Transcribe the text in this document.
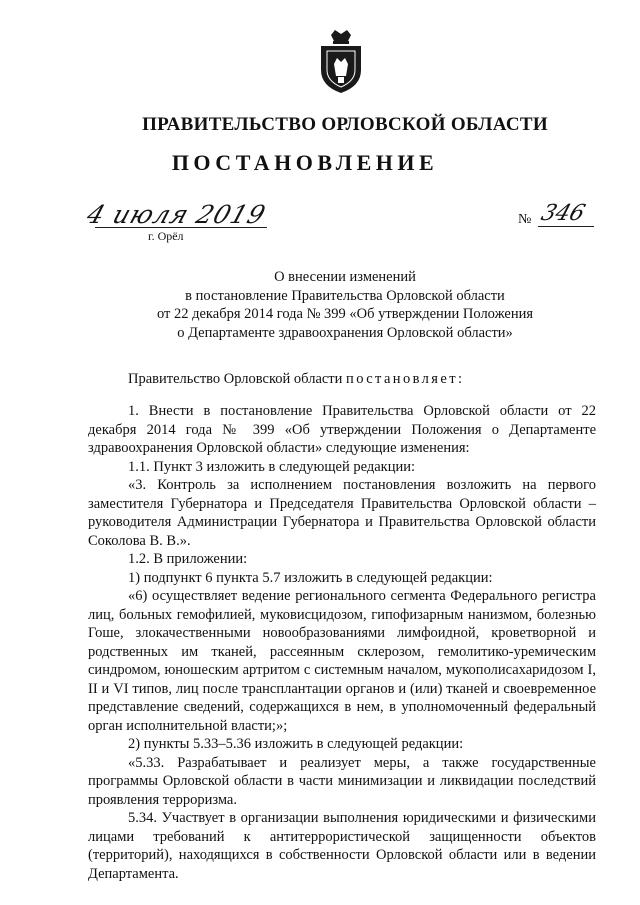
ПРАВИТЕЛЬСТВО ОРЛОВСКОЙ ОБЛАСТИ
ПОСТАНОВЛЕНИЕ
4 июля 2019
г. Орёл
№ 346
О внесении изменений
в постановление Правительства Орловской области
от 22 декабря 2014 года № 399 «Об утверждении Положения
о Департаменте здравоохранения Орловской области»
Правительство Орловской области постановляет:

1. Внести в постановление Правительства Орловской области от 22 декабря 2014 года № 399 «Об утверждении Положения о Департаменте здравоохранения Орловской области» следующие изменения:

1.1. Пункт 3 изложить в следующей редакции:

«3. Контроль за исполнением постановления возложить на первого заместителя Губернатора и Председателя Правительства Орловской области – руководителя Администрации Губернатора и Правительства Орловской области Соколова В. В.».

1.2. В приложении:

1) подпункт 6 пункта 5.7 изложить в следующей редакции:

«6) осуществляет ведение регионального сегмента Федерального регистра лиц, больных гемофилией, муковисцидозом, гипофизарным нанизмом, болезнью Гоше, злокачественными новообразованиями лимфоидной, кроветворной и родственных им тканей, рассеянным склерозом, гемолитико-уремическим синдромом, юношеским артритом с системным началом, мукополисахаридозом I, II и VI типов, лиц после трансплантации органов и (или) тканей и своевременное представление сведений, содержащихся в нем, в уполномоченный федеральный орган исполнительной власти;»;

2) пункты 5.33–5.36 изложить в следующей редакции:

«5.33. Разрабатывает и реализует меры, а также государственные программы Орловской области в части минимизации и ликвидации последствий проявления терроризма.

5.34. Участвует в организации выполнения юридическими и физическими лицами требований к антитеррористической защищенности объектов (территорий), находящихся в собственности Орловской области или в ведении Департамента.
